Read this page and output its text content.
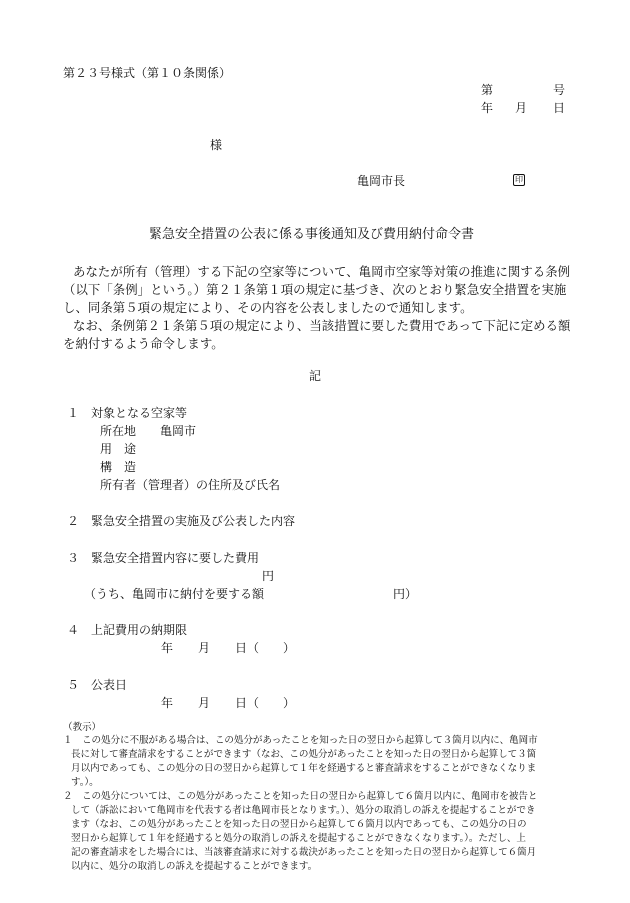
第２３号様式（第１０条関係）
第	号
年 月 日
様
亀岡市長	印
緊急安全措置の公表に係る事後通知及び費用納付命令書
あなたが所有（管理）する下記の空家等について、亀岡市空家等対策の推進に関する条例
（以下「条例」という。）第２１条第１項の規定に基づき、次のとおり緊急安全措置を実施
し、同条第５項の規定により、その内容を公表しましたので通知します。
なお、条例第２１条第５項の規定により、当該措置に要した費用であって下記に定める額
を納付するよう命令します。
記
１　対象となる空家等
所在地 亀岡市
用　途
構　造
所有者（管理者）の住所及び氏名
２　緊急安全措置の実施及び公表した内容
３　緊急安全措置内容に要した費用
円
（うち、亀岡市に納付を要する額	円）
４　上記費用の納期限
年 月 日（　　）
５　公表日
年 月 日（　　）
（教示）
１　この処分に不服がある場合は、この処分があったことを知った日の翌日から起算して３箇月以内に、亀岡市
長に対して審査請求をすることができます（なお、この処分があったことを知った日の翌日から起算して３箇
月以内であっても、この処分の日の翌日から起算して１年を経過すると審査請求をすることができなくなりま
す。）。
２　この処分については、この処分があったことを知った日の翌日から起算して６箇月以内に、亀岡市を被告と
して（訴訟において亀岡市を代表する者は亀岡市長となります。）、処分の取消しの訴えを提起することができ
ます（なお、この処分があったことを知った日の翌日から起算して６箇月以内であっても、この処分の日の
翌日から起算して１年を経過すると処分の取消しの訴えを提起することができなくなります。）。ただし、上
記の審査請求をした場合には、当該審査請求に対する裁決があったことを知った日の翌日から起算して６箇月
以内に、処分の取消しの訴えを提起することができます。
